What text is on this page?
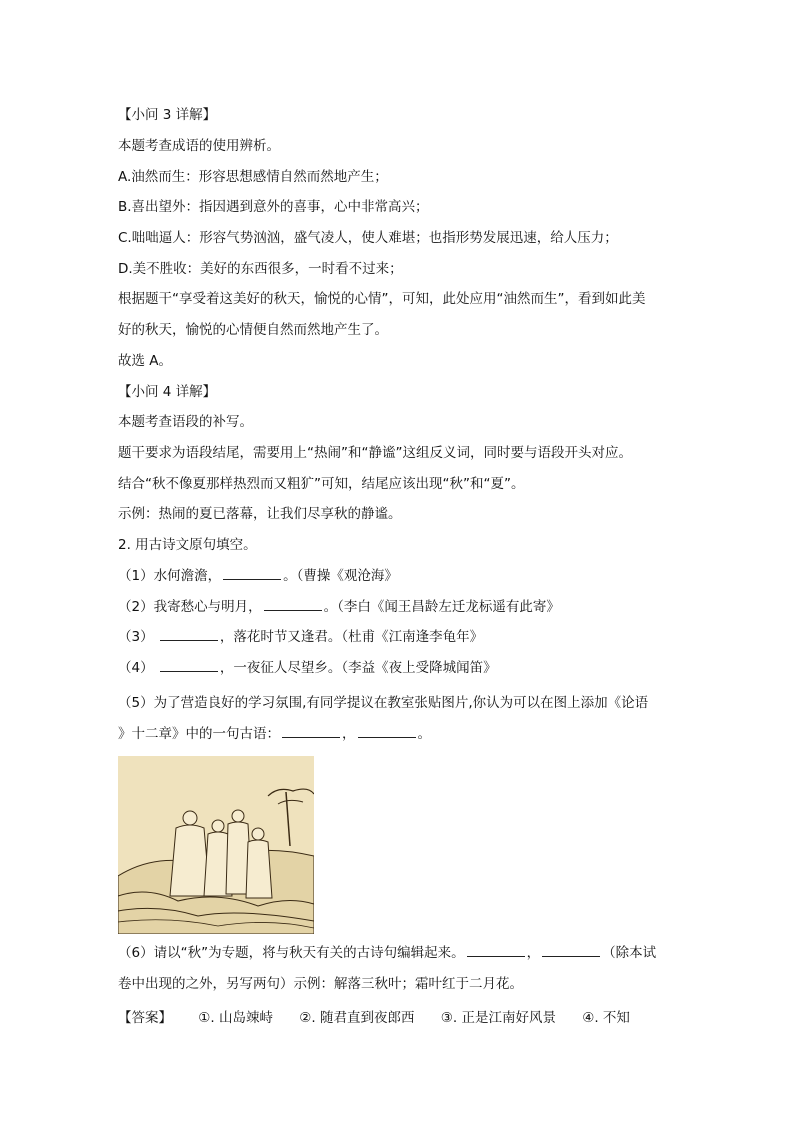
【小问 3 详解】
本题考查成语的使用辨析。
A.油然而生：形容思想感情自然而然地产生；
B.喜出望外：指因遇到意外的喜事，心中非常高兴；
C.咄咄逼人：形容气势汹汹，盛气凌人，使人难堪；也指形势发展迅速，给人压力；
D.美不胜收：美好的东西很多，一时看不过来；
根据题干“享受着这美好的秋天，愉悦的心情”，可知，此处应用“油然而生”，看到如此美
好的秋天，愉悦的心情便自然而然地产生了。
故选 A。
【小问 4 详解】
本题考查语段的补写。
题干要求为语段结尾，需要用上“热闹”和“静谧”这组反义词，同时要与语段开头对应。
结合“秋不像夏那样热烈而又粗犷”可知，结尾应该出现“秋”和“夏”。
示例：热闹的夏已落幕，让我们尽享秋的静谧。
2. 用古诗文原句填空。
（1）水何澹澹，	。（曹操《观沧海》
（2）我寄愁心与明月，	。（李白《闻王昌龄左迁龙标遥有此寄》
（3）	，落花时节又逢君。（杜甫《江南逢李龟年》
（4）	，一夜征人尽望乡。（李益《夜上受降城闻笛》
（5）为了营造良好的学习氛围,有同学提议在教室张贴图片,你认为可以在图上添加《论语
》十二章》中的一句古语：	，	。
（6）请以“秋”为专题，将与秋天有关的古诗句编辑起来。	，	（除本试
卷中出现的之外，另写两句）示例：解落三秋叶；霜叶红于二月花。
【答案】 ①. 山岛竦峙 ②. 随君直到夜郎西 ③. 正是江南好风景 ④. 不知
